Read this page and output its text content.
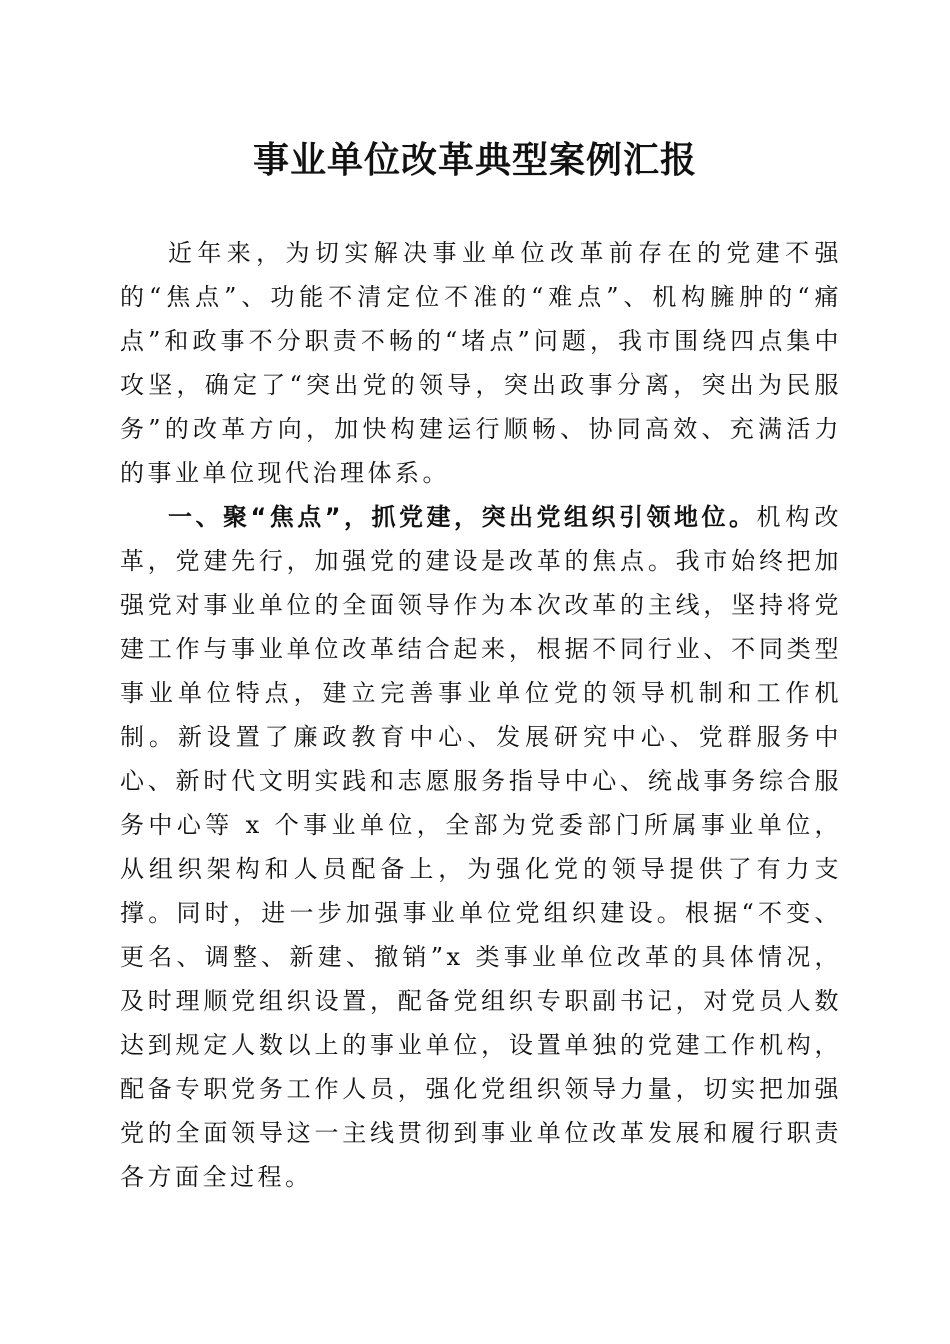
事业单位改革典型案例汇报

近年来，为切实解决事业单位改革前存在的党建不强的“焦点”、功能不清定位不准的“难点”、机构臃肿的“痛点”和政事不分职责不畅的“堵点”问题，我市围绕四点集中攻坚，确定了“突出党的领导，突出政事分离，突出为民服务”的改革方向，加快构建运行顺畅、协同高效、充满活力的事业单位现代治理体系。

一、聚“焦点”，抓党建，突出党组织引领地位。机构改革，党建先行，加强党的建设是改革的焦点。我市始终把加强党对事业单位的全面领导作为本次改革的主线，坚持将党建工作与事业单位改革结合起来，根据不同行业、不同类型事业单位特点，建立完善事业单位党的领导机制和工作机制。新设置了廉政教育中心、发展研究中心、党群服务中心、新时代文明实践和志愿服务指导中心、统战事务综合服务中心等 x 个事业单位，全部为党委部门所属事业单位，从组织架构和人员配备上，为强化党的领导提供了有力支撑。同时，进一步加强事业单位党组织建设。根据“不变、更名、调整、新建、撤销”x 类事业单位改革的具体情况，及时理顺党组织设置，配备党组织专职副书记，对党员人数达到规定人数以上的事业单位，设置单独的党建工作机构，配备专职党务工作人员，强化党组织领导力量，切实把加强党的全面领导这一主线贯彻到事业单位改革发展和履行职责各方面全过程。
